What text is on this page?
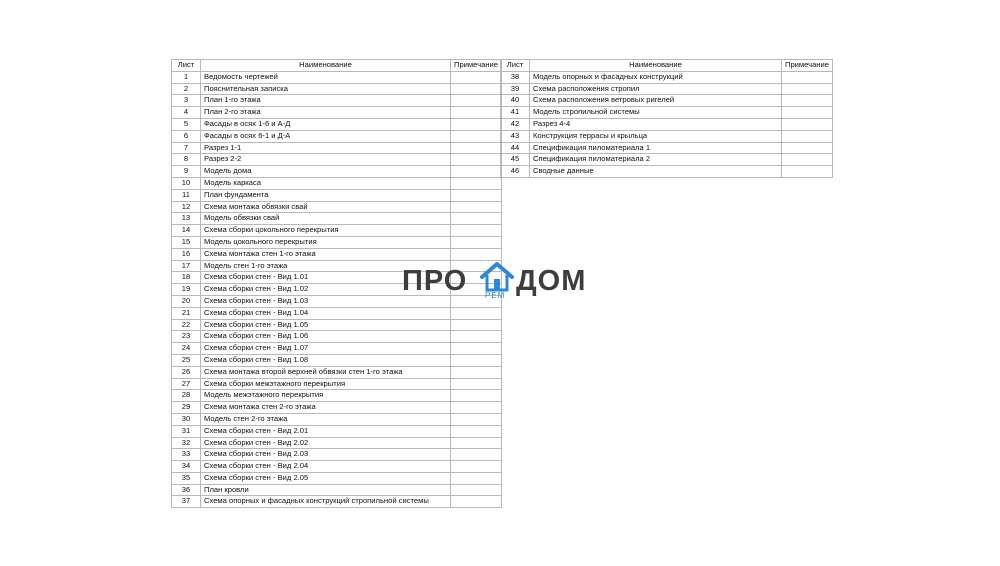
Лист	Наименование	Примечание
1	Ведомость чертежей	
2	Пояснительная записка	
3	План 1-го этажа	
4	План 2-го этажа	
5	Фасады в осях 1-6 и А-Д	
6	Фасады в осях 6-1 и Д-А	
7	Разрез 1-1	
8	Разрез 2-2	
9	Модель дома	
10	Модель каркаса	
11	План фундамента	
12	Схема монтажа обвязки свай	
13	Модель обвязки свай	
14	Схема сборки цокольного перекрытия	
15	Модель цокольного перекрытия	
16	Схема монтажа стен 1-го этажа	
17	Модель стен 1-го этажа	
18	Схема сборки стен - Вид 1.01	
19	Схема сборки стен - Вид 1.02	
20	Схема сборки стен - Вид 1.03	
21	Схема сборки стен - Вид 1.04	
22	Схема сборки стен - Вид 1.05	
23	Схема сборки стен - Вид 1.06	
24	Схема сборки стен - Вид 1.07	
25	Схема сборки стен - Вид 1.08	
26	Схема монтажа второй верхней обвязки стен 1-го этажа	
27	Схема сборки межэтажного перекрытия	
28	Модель межэтажного перекрытия	
29	Схема монтажа стен 2-го этажа	
30	Модель стен 2-го этажа	
31	Схема сборки стен - Вид 2.01	
32	Схема сборки стен - Вид 2.02	
33	Схема сборки стен - Вид 2.03	
34	Схема сборки стен - Вид 2.04	
35	Схема сборки стен - Вид 2.05	
36	План кровли	
37	Схема опорных и фасадных конструкций стропильной системы	
Лист	Наименование	Примечание
38	Модель опорных и фасадных конструкций	
39	Схема расположения стропил	
40	Схема расположения ветровых ригелей	
41	Модель стропильной системы	
42	Разрез 4-4	
43	Конструкция террасы и крыльца	
44	Спецификация пиломатериала 1	
45	Спецификация пиломатериала 2	
46	Сводные данные	
ПРО РЕМ ДОМ
